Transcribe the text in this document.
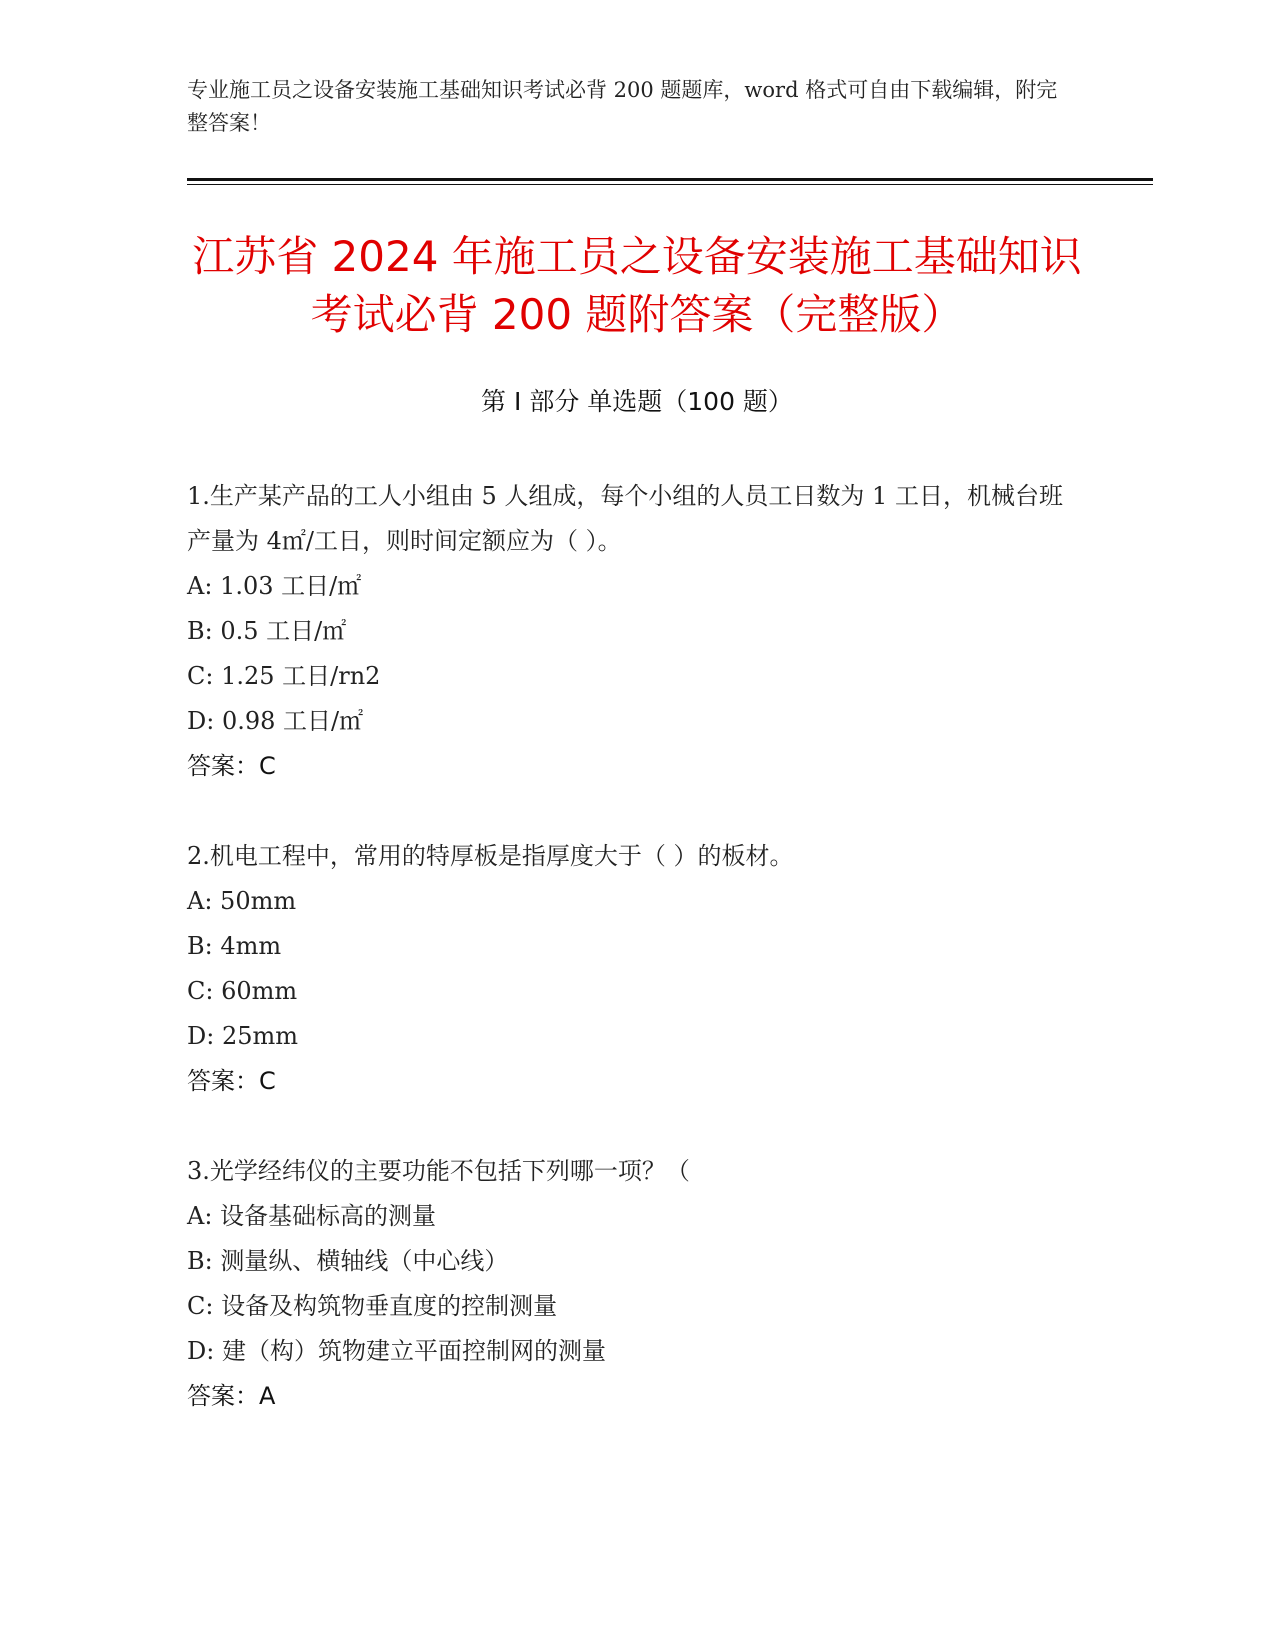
专业施工员之设备安装施工基础知识考试必背 200 题题库，word 格式可自由下载编辑，附完整答案！
江苏省 2024 年施工员之设备安装施工基础知识考试必背 200 题附答案（完整版）
第 I 部分 单选题（100 题）

1.生产某产品的工人小组由 5 人组成，每个小组的人员工日数为 1 工日，机械台班产量为 4㎡/工日，则时间定额应为（ ）。

A: 1.03 工日/㎡

B: 0.5 工日/㎡

C: 1.25 工日/rn2

D: 0.98 工日/㎡

答案：C

2.机电工程中，常用的特厚板是指厚度大于（ ）的板材。

A: 50mm

B: 4mm

C: 60mm

D: 25mm

答案：C

3.光学经纬仪的主要功能不包括下列哪一项？（

A: 设备基础标高的测量

B: 测量纵、横轴线（中心线）

C: 设备及构筑物垂直度的控制测量

D: 建（构）筑物建立平面控制网的测量

答案：A
